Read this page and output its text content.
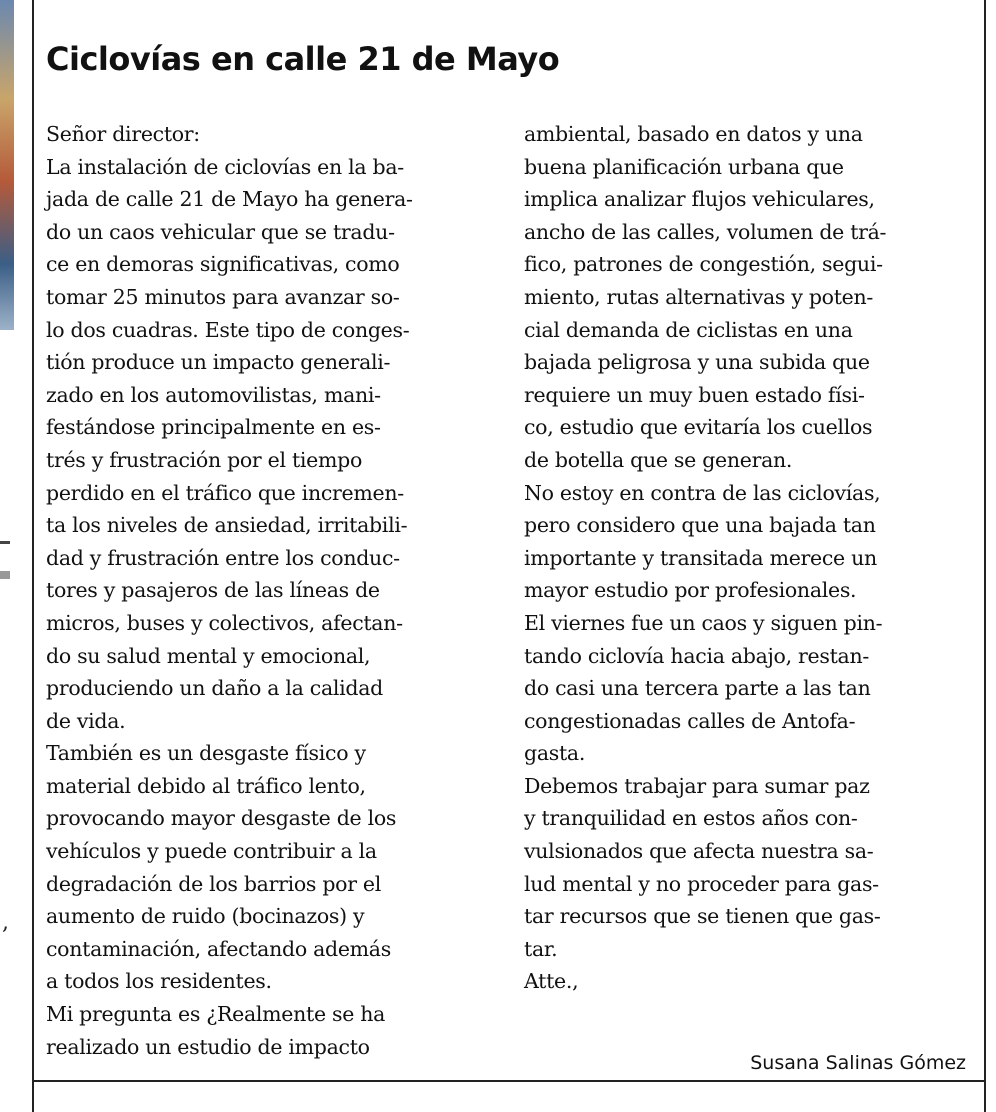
,
Ciclovías en calle 21 de Mayo
Señor director:
La instalación de ciclovías en la ba-
jada de calle 21 de Mayo ha genera-
do un caos vehicular que se tradu-
ce en demoras significativas, como
tomar 25 minutos para avanzar so-
lo dos cuadras. Este tipo de conges-
tión produce un impacto generali-
zado en los automovilistas, mani-
festándose principalmente en es-
trés y frustración por el tiempo
perdido en el tráfico que incremen-
ta los niveles de ansiedad, irritabili-
dad y frustración entre los conduc-
tores y pasajeros de las líneas de
micros, buses y colectivos, afectan-
do su salud mental y emocional,
produciendo un daño a la calidad
de vida.
También es un desgaste físico y
material debido al tráfico lento,
provocando mayor desgaste de los
vehículos y puede contribuir a la
degradación de los barrios por el
aumento de ruido (bocinazos) y
contaminación, afectando además
a todos los residentes.
Mi pregunta es ¿Realmente se ha
realizado un estudio de impacto
ambiental, basado en datos y una
buena planificación urbana que
implica analizar flujos vehiculares,
ancho de las calles, volumen de trá-
fico, patrones de congestión, segui-
miento, rutas alternativas y poten-
cial demanda de ciclistas en una
bajada peligrosa y una subida que
requiere un muy buen estado físi-
co, estudio que evitaría los cuellos
de botella que se generan.
No estoy en contra de las ciclovías,
pero considero que una bajada tan
importante y transitada merece un
mayor estudio por profesionales.
El viernes fue un caos y siguen pin-
tando ciclovía hacia abajo, restan-
do casi una tercera parte a las tan
congestionadas calles de Antofa-
gasta.
Debemos trabajar para sumar paz
y tranquilidad en estos años con-
vulsionados que afecta nuestra sa-
lud mental y no proceder para gas-
tar recursos que se tienen que gas-
tar.
Atte.,
Susana Salinas Gómez
